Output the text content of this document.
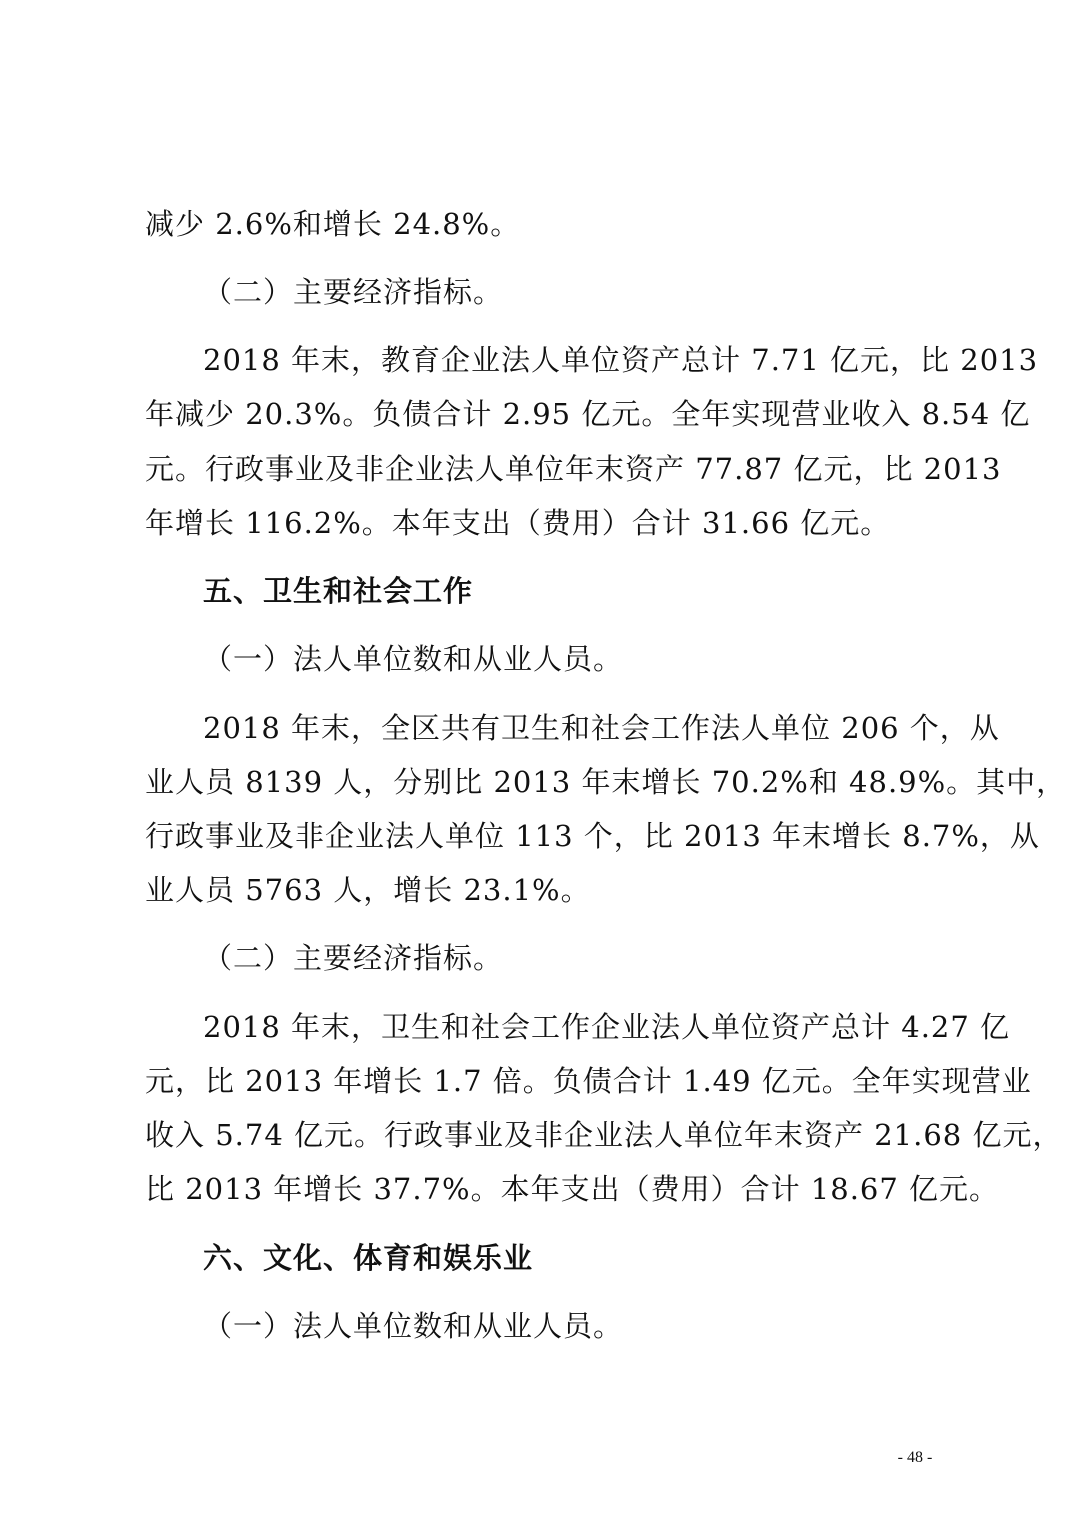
减少 2.6%和增长 24.8%。
（二）主要经济指标。
2018 年末，教育企业法人单位资产总计 7.71 亿元，比 2013
年减少 20.3%。负债合计 2.95 亿元。全年实现营业收入 8.54 亿
元。行政事业及非企业法人单位年末资产 77.87 亿元，比 2013
年增长 116.2%。本年支出（费用）合计 31.66 亿元。
五、卫生和社会工作
（一）法人单位数和从业人员。
2018 年末，全区共有卫生和社会工作法人单位 206 个，从
业人员 8139 人，分别比 2013 年末增长 70.2%和 48.9%。其中，
行政事业及非企业法人单位 113 个，比 2013 年末增长 8.7%，从
业人员 5763 人，增长 23.1%。
（二）主要经济指标。
2018 年末，卫生和社会工作企业法人单位资产总计 4.27 亿
元，比 2013 年增长 1.7 倍。负债合计 1.49 亿元。全年实现营业
收入 5.74 亿元。行政事业及非企业法人单位年末资产 21.68 亿元，
比 2013 年增长 37.7%。本年支出（费用）合计 18.67 亿元。
六、文化、体育和娱乐业
（一）法人单位数和从业人员。
- 48 -
